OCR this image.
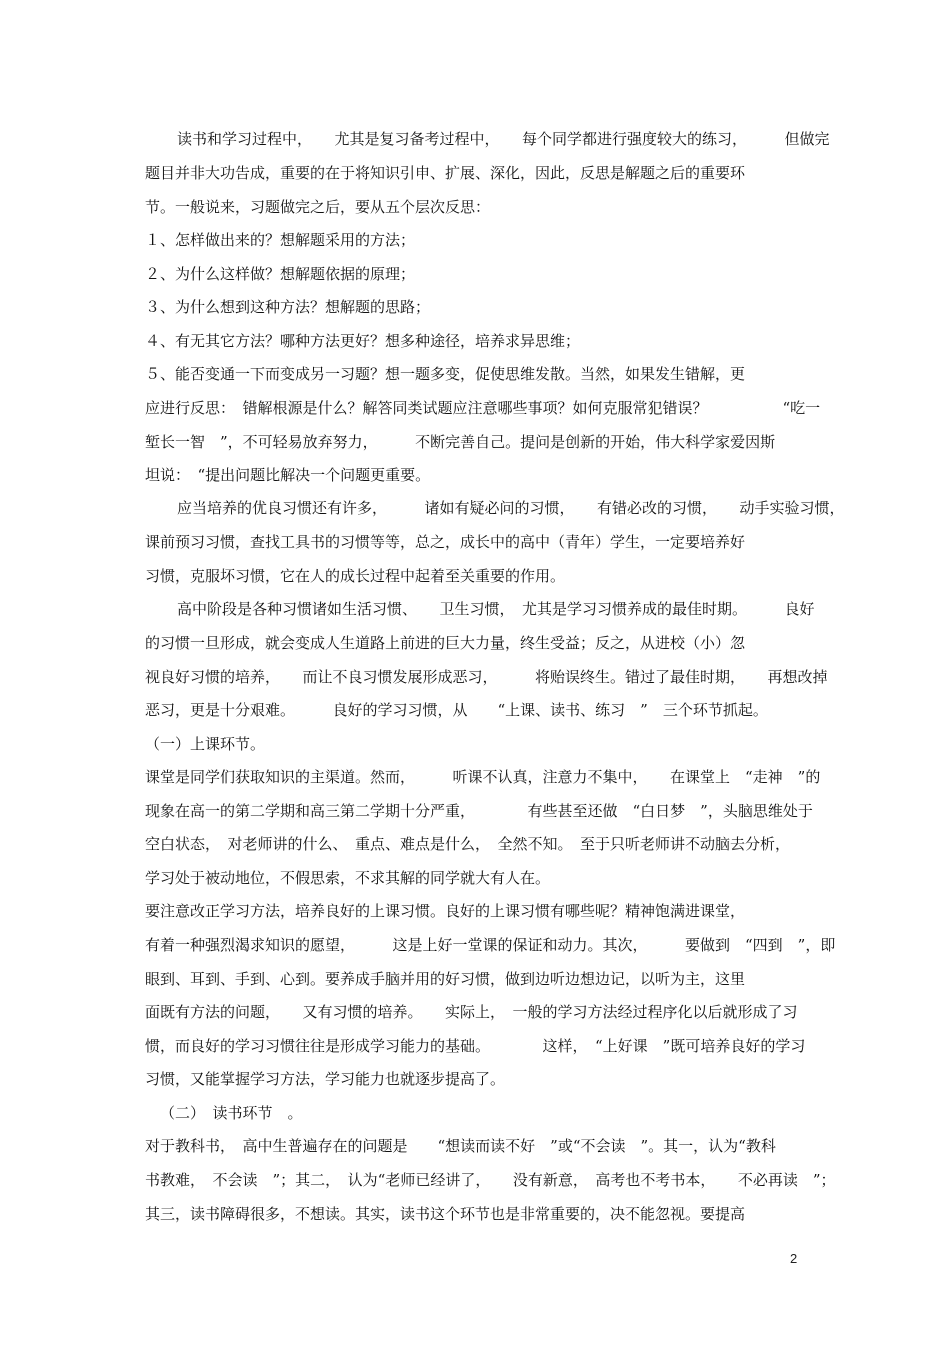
读书和学习过程中，　　尤其是复习备考过程中，　　每个同学都进行强度较大的练习，　　　但做完
题目并非大功告成，重要的在于将知识引申、扩展、深化，因此，反思是解题之后的重要环
节。一般说来，习题做完之后，要从五个层次反思：
１、怎样做出来的？想解题采用的方法；
２、为什么这样做？想解题依据的原理；
３、为什么想到这种方法？想解题的思路；
４、有无其它方法？哪种方法更好？想多种途径，培养求异思维；
５、能否变通一下而变成另一习题？想一题多变，促使思维发散。当然，如果发生错解，更
应进行反思：　错解根源是什么？解答同类试题应注意哪些事项？如何克服常犯错误？　　　　　“吃一
堑长一智　”，不可轻易放弃努力，　　　不断完善自己。提问是创新的开始，伟大科学家爱因斯
坦说：　“提出问题比解决一个问题更重要。
应当培养的优良习惯还有许多，　　　诸如有疑必问的习惯，　　有错必改的习惯，　　动手实验习惯，
课前预习习惯，查找工具书的习惯等等，总之，成长中的高中（青年）学生，一定要培养好
习惯，克服坏习惯，它在人的成长过程中起着至关重要的作用。
高中阶段是各种习惯诸如生活习惯、　　卫生习惯，　尤其是学习习惯养成的最佳时期。　　　良好
的习惯一旦形成，就会变成人生道路上前进的巨大力量，终生受益；反之，从进校（小）忽
视良好习惯的培养，　　而让不良习惯发展形成恶习，　　　将贻误终生。错过了最佳时期，　　再想改掉
恶习，更是十分艰难。　　　良好的学习习惯，从　　“上课、读书、练习　”　三个环节抓起。
（一）上课环节。
课堂是同学们获取知识的主渠道。然而，　　　听课不认真，注意力不集中，　　在课堂上　“走神　”的
现象在高一的第二学期和高三第二学期十分严重，　　　　有些甚至还做　“白日梦　”，头脑思维处于
空白状态，　对老师讲的什么、　重点、难点是什么，　全然不知。　至于只听老师讲不动脑去分析，
学习处于被动地位，不假思索，不求其解的同学就大有人在。
要注意改正学习方法，培养良好的上课习惯。良好的上课习惯有哪些呢？精神饱满进课堂，
有着一种强烈渴求知识的愿望，　　　这是上好一堂课的保证和动力。其次，　　　要做到　“四到　”，即
眼到、耳到、手到、心到。要养成手脑并用的好习惯，做到边听边想边记，以听为主，这里
面既有方法的问题，　　又有习惯的培养。　　实际上，　一般的学习方法经过程序化以后就形成了习
惯，而良好的学习习惯往往是形成学习能力的基础。　　　　这样，　“上好课　”既可培养良好的学习
习惯，又能掌握学习方法，学习能力也就逐步提高了。
（二）　读书环节　。
对于教科书，　高中生普遍存在的问题是　　“想读而读不好　”或“不会读　”。其一，认为“教科
书教难，　不会读　”；其二，　认为“老师已经讲了，　　没有新意，　高考也不考书本，　　不必再读　”；
其三，读书障碍很多，不想读。其实，读书这个环节也是非常重要的，决不能忽视。要提高
2
